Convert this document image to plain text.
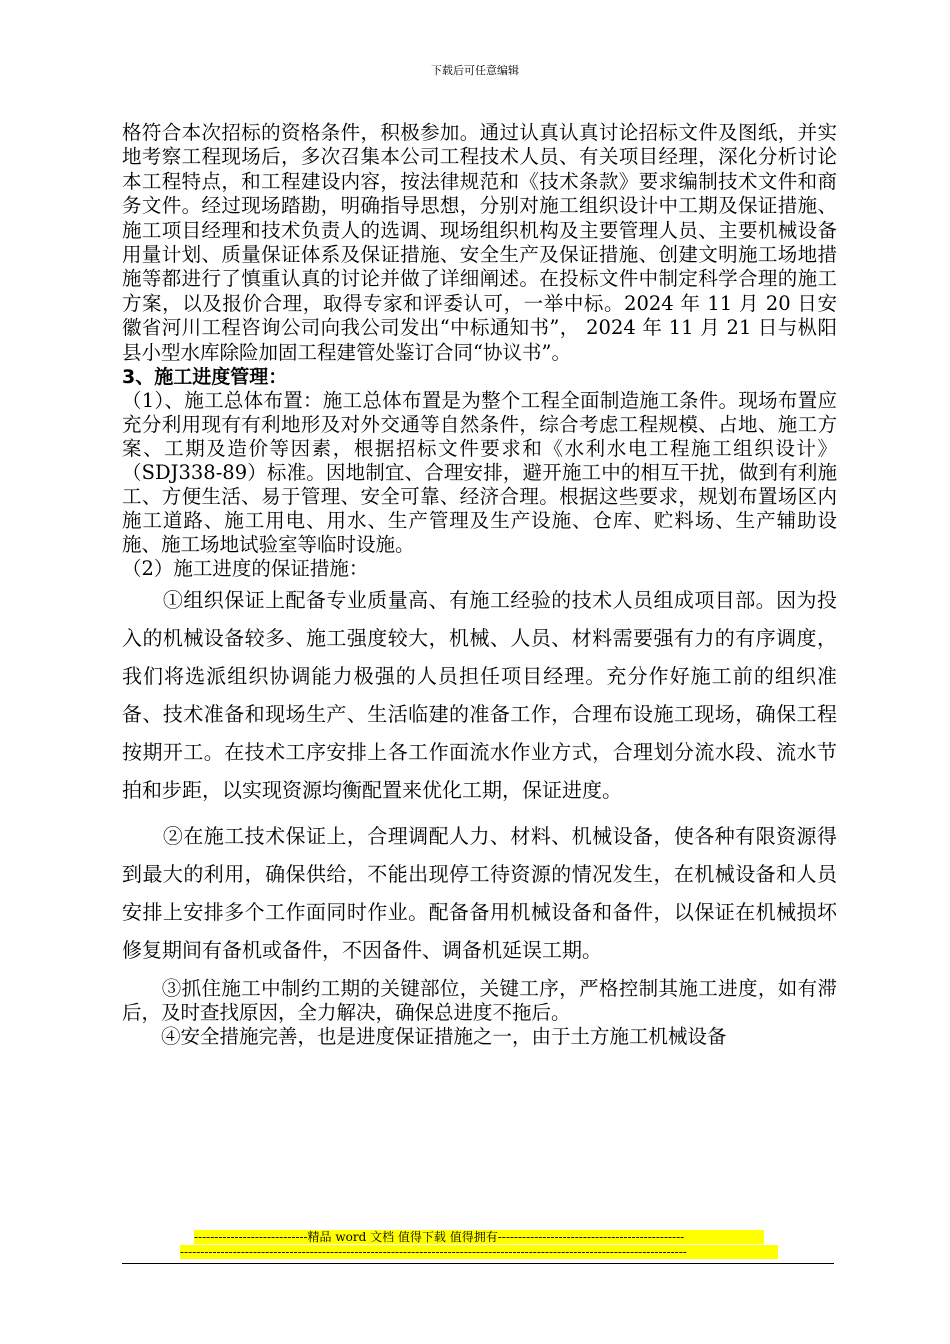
下载后可任意编辑

格符合本次招标的资格条件，积极参加。通过认真认真讨论招标文件及图纸，并实地考察工程现场后，多次召集本公司工程技术人员、有关项目经理，深化分析讨论本工程特点，和工程建设内容，按法律规范和《技术条款》要求编制技术文件和商务文件。经过现场踏勘，明确指导思想，分别对施工组织设计中工期及保证措施、施工项目经理和技术负责人的选调、现场组织机构及主要管理人员、主要机械设备用量计划、质量保证体系及保证措施、安全生产及保证措施、创建文明施工场地措施等都进行了慎重认真的讨论并做了详细阐述。在投标文件中制定科学合理的施工方案，以及报价合理，取得专家和评委认可，一举中标。2024 年 11 月 20 日安徽省河川工程咨询公司向我公司发出“中标通知书”， 2024 年 11 月 21 日与枞阳县小型水库除险加固工程建管处鉴订合同“协议书”。

3、施工进度管理：

（1）、施工总体布置：施工总体布置是为整个工程全面制造施工条件。现场布置应充分利用现有有利地形及对外交通等自然条件，综合考虑工程规模、占地、施工方案、工期及造价等因素，根据招标文件要求和《水利水电工程施工组织设计》（SDJ338-89）标准。因地制宜、合理安排，避开施工中的相互干扰，做到有利施工、方便生活、易于管理、安全可靠、经济合理。根据这些要求，规划布置场区内施工道路、施工用电、用水、生产管理及生产设施、仓库、贮料场、生产辅助设施、施工场地试验室等临时设施。

（2）施工进度的保证措施：

　　①组织保证上配备专业质量高、有施工经验的技术人员组成项目部。因为投入的机械设备较多、施工强度较大，机械、人员、材料需要强有力的有序调度，我们将选派组织协调能力极强的人员担任项目经理。充分作好施工前的组织准备、技术准备和现场生产、生活临建的准备工作，合理布设施工现场，确保工程按期开工。在技术工序安排上各工作面流水作业方式，合理划分流水段、流水节拍和步距，以实现资源均衡配置来优化工期，保证进度。

　　②在施工技术保证上，合理调配人力、材料、机械设备，使各种有限资源得到最大的利用，确保供给，不能出现停工待资源的情况发生，在机械设备和人员安排上安排多个工作面同时作业。配备备用机械设备和备件，以保证在机械损坏修复期间有备机或备件，不因备件、调备机延误工期。

　　③抓住施工中制约工期的关键部位，关键工序，严格控制其施工进度，如有滞后，及时查找原因，全力解决，确保总进度不拖后。

　　④安全措施完善，也是进度保证措施之一，由于土方施工机械设备

----------------------------精品 word 文档 值得下载 值得拥有----------------------------------------------
-----------------------------------------------------------------------------------------------------------------------------
